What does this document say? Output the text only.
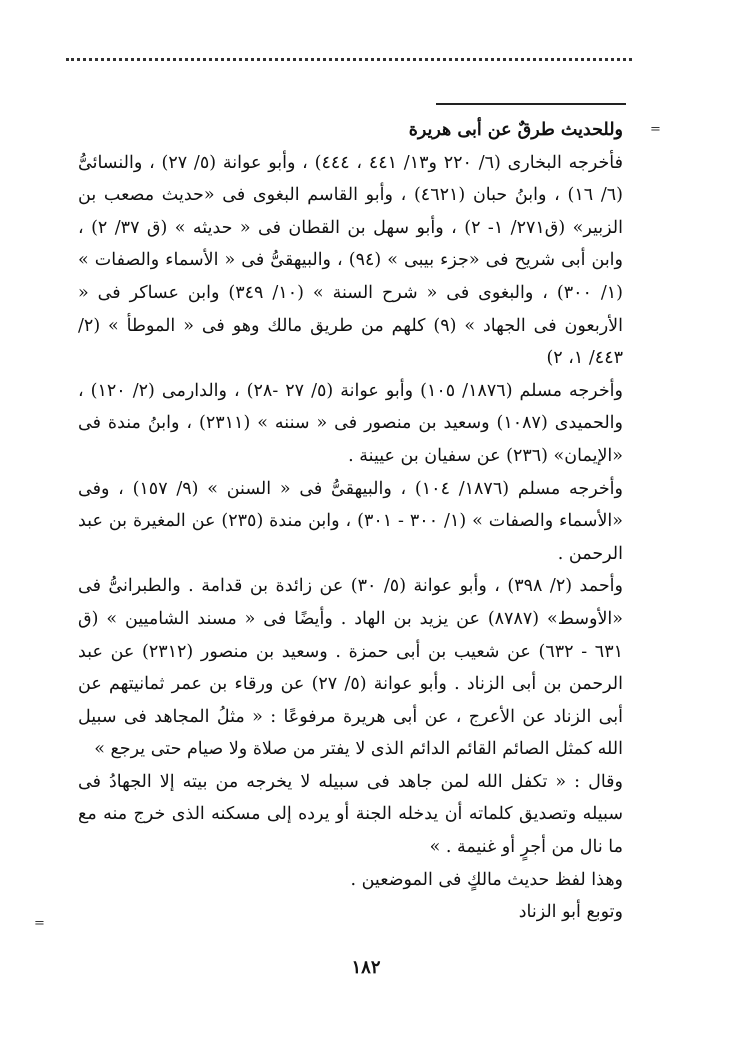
=
=

وللحديث طرقٌ عن أبى هريرة

فأخرجه البخارى (٦/ ٢٢٠ و١٣/ ٤٤١ ، ٤٤٤) ، وأبو عوانة (٥/ ٢٧) ، والنسائىُّ (٦/ ١٦) ، وابنُ حبان (٤٦٢١) ، وأبو القاسم البغوى فى «حديث مصعب بن الزبير» (ق٢٧١/ ١- ٢) ، وأبو سهل بن القطان فى « حديثه » (ق ٣٧/ ٢) ، وابن أبى شريح فى «جزء بيبى » (٩٤) ، والبيهقىُّ فى « الأسماء والصفات » (١/ ٣٠٠) ، والبغوى فى « شرح السنة » (١٠/ ٣٤٩) وابن عساكر فى « الأربعون فى الجهاد » (٩) كلهم من طريق مالك وهو فى « الموطأ » (٢/ ٤٤٣/ ١، ٢)

وأخرجه مسلم (١٨٧٦/ ١٠٥) وأبو عوانة (٥/ ٢٧ -٢٨) ، والدارمى (٢/ ١٢٠) ، والحميدى (١٠٨٧) وسعيد بن منصور فى « سننه » (٢٣١١) ، وابنُ مندة فى «الإيمان» (٢٣٦) عن سفيان بن عيينة .

وأخرجه مسلم (١٨٧٦/ ١٠٤) ، والبيهقىُّ فى « السنن » (٩/ ١٥٧) ، وفى «الأسماء والصفات » (١/ ٣٠٠ - ٣٠١) ، وابن مندة (٢٣٥) عن المغيرة بن عبد الرحمن .

وأحمد (٢/ ٣٩٨) ، وأبو عوانة (٥/ ٣٠) عن زائدة بن قدامة . والطبرانىُّ فى «الأوسط» (٨٧٨٧) عن يزيد بن الهاد . وأيضًا فى « مسند الشاميين » (ق ٦٣١ - ٦٣٢) عن شعيب بن أبى حمزة . وسعيد بن منصور (٢٣١٢) عن عبد الرحمن بن أبى الزناد . وأبو عوانة (٥/ ٢٧) عن ورقاء بن عمر ثمانيتهم عن أبى الزناد عن الأعرج ، عن أبى هريرة مرفوعًا : « مثلُ المجاهد فى سبيل الله كمثل الصائم القائم الدائم الذى لا يفتر من صلاة ولا صيام حتى يرجع »

وقال : « تكفل الله لمن جاهد فى سبيله لا يخرجه من بيته إلا الجهادُ فى سبيله وتصديق كلماته أن يدخله الجنة أو يرده إلى مسكنه الذى خرج منه مع ما نال من أجرٍ أو غنيمة . »

وهذا لفظ حديث مالكٍ فى الموضعين .

وتوبع أبو الزناد

١٨٢
